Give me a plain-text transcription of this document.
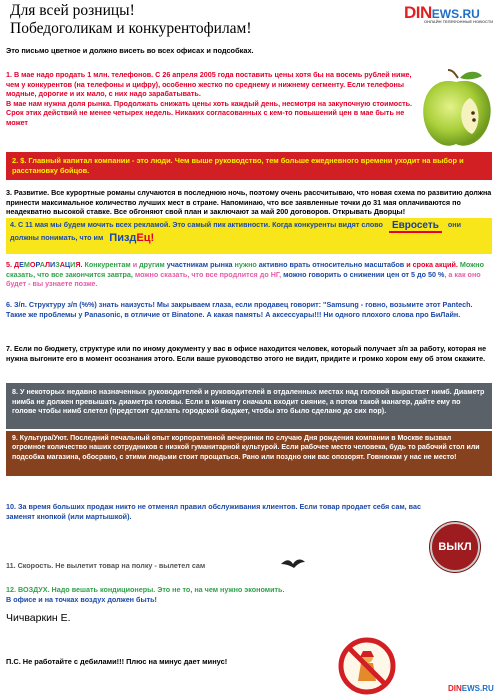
Для всей розницы!
Победоголикам и конкурентофилам!
DINEWS.RU
ОНЛАЙН ТЕЛЕФОННЫЕ НОВОСТИ
Это письмо цветное и должно висеть во всех офисах и подсобках.
1. В мае надо продать 1 млн. телефонов. С 26 апреля 2005 года поставить цены хотя бы на восемь рублей ниже, чем у конкурентов (на телефоны и цифру), особенно жестко по среднему и нижнему сегменту. Если телефоны модные, дорогие и их мало, с них надо зарабатывать.
В мае нам нужна доля рынка. Продолжать снижать цены хоть каждый день, несмотря на закупочную стоимость. Срок этих действий не менее четырех недель. Никаких согласованных с кем-то повышений цен в мае быть не может
2. $. Главный капитал компании - это люди. Чем выше руководство, тем больше ежедневного времени уходит на выбор и расстановку бойцов.
3. Развитие. Все курортные романы случаются в последнюю ночь, поэтому очень рассчитываю, что новая схема по развитию должна принести максимальное количество лучших мест в стране. Напоминаю, что все заявленные точки до 31 мая оплачиваются по неадекватно высокой ставке. Все обгоняют свой план и заключают за май 200 договоров. Открывать Дворцы!
4. С 11 мая мы будем мочить всех рекламой. Это самый пик активности. Когда конкуренты видят слово Евросеть они должны понимать, что им ПиздЕц!
5. ДЕМОРАЛИЗАЦИЯ. Конкурентам и другим участникам рынка нужно активно врать относительно масштабов и срока акций. Можно сказать, что все закончится завтра, можно сказать, что все продлится до НГ, можно говорить о снижении цен от 5 до 50 %, а как оно будет - вы узнаете позже.
6. З/п. Структуру з/п (%%) знать наизусть! Мы закрываем глаза, если продавец говорит: "Samsung - говно, возьмите этот Pantech. Такие же проблемы у Panasonic, в отличие от Binatone. А какая память! А аксессуары!!! Ни одного плохого слова про БиЛайн.
7. Если по бюджету, структуре или по иному документу у вас в офисе находится человек, который получает з/п за работу, которая не нужна выгоните его в момент осознания этого. Если ваше руководство этого не видит, придите и громко хором ему об этом скажите.
8. У некоторых недавно назначенных руководителей и руководителей в отдаленных местах над головой вырастает нимб. Диаметр нимба не должен превышать диаметра головы. Если в комнату сначала входит сияние, а потом такой манагер, дайте ему по голове чтобы нимб слетел (предстоит сделать городской бюджет, чтобы это было сделано до сих пор).
9. Культура/Уют. Последний печальный опыт корпоративной вечеринки по случаю Дня рождения компании в Москве вызвал огромное количество наших сотрудников с низкой гуманитарной культурой. Если рабочее место человека, будь то рабочий стол или подсобка магазина, обосрано, с этими людьми стоит прощаться. Рано или поздно они вас опозорят. Говнюкам у нас не место!
10. За время больших продаж никто не отменял правил обслуживания клиентов. Если товар продает себя сам, вас заменят кнопкой (или мартышкой).
ВЫКЛ
11. Скорость. Не вылетит товар на полку - вылетел сам
12. ВОЗДУХ. Надо вешать кондиционеры. Это не то, на чем нужно экономить.
В офисе и на точках воздух должен быть!
Чичваркин Е.
П.С. Не работайте с дебилами!!! Плюс на минус дает минус!
DINEWS.RU
